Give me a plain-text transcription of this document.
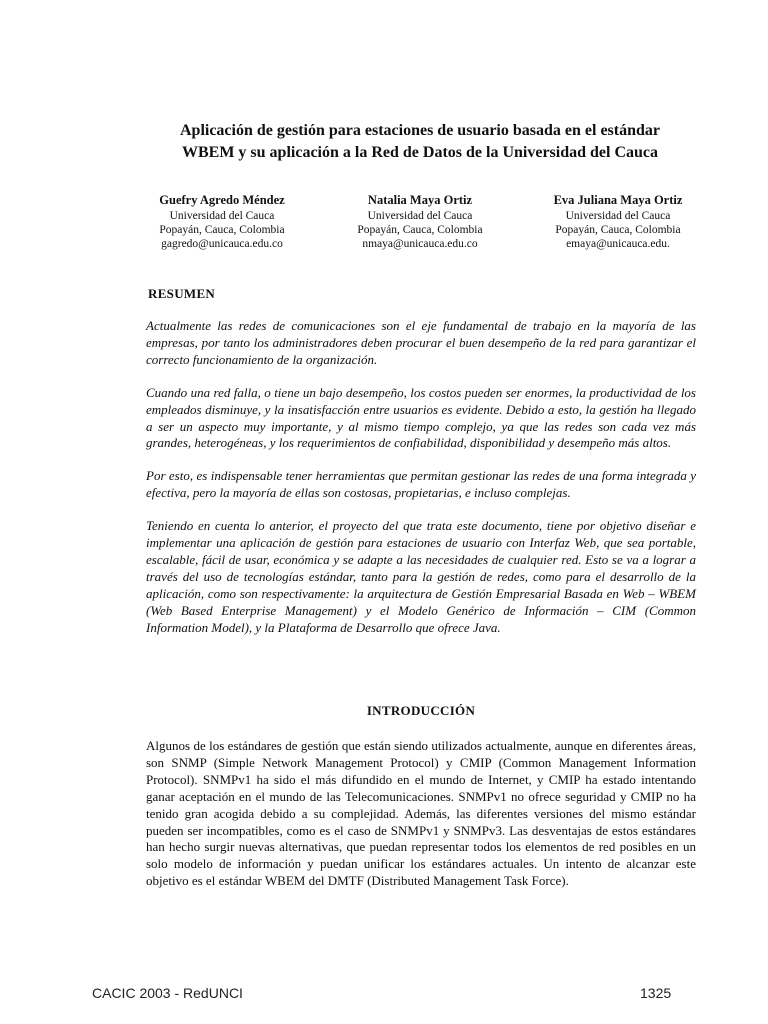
Aplicación de gestión para estaciones de usuario basada en el estándar
WBEM y su aplicación a la Red de Datos de la Universidad del Cauca
Guefry Agredo Méndez
Universidad del Cauca
Popayán, Cauca, Colombia
gagredo@unicauca.edu.co
Natalia Maya Ortiz
Universidad del Cauca
Popayán, Cauca, Colombia
nmaya@unicauca.edu.co
Eva Juliana Maya Ortiz
Universidad del Cauca
Popayán, Cauca, Colombia
emaya@unicauca.edu.
RESUMEN

Actualmente las redes de comunicaciones son el eje fundamental de trabajo en la mayoría de las empresas, por tanto los administradores deben procurar el buen desempeño de la red para garantizar el correcto funcionamiento de la organización.

Cuando una red falla, o tiene un bajo desempeño, los costos pueden ser enormes, la productividad de los empleados disminuye, y la insatisfacción entre usuarios es evidente. Debido a esto, la gestión ha llegado a ser un aspecto muy importante, y al mismo tiempo complejo, ya que las redes son cada vez más grandes, heterogéneas, y los requerimientos de confiabilidad, disponibilidad y desempeño más altos.

Por esto, es indispensable tener herramientas que permitan gestionar las redes de una forma integrada y efectiva, pero la mayoría de ellas son costosas, propietarias, e incluso complejas.

Teniendo en cuenta lo anterior, el proyecto del que trata este documento, tiene por objetivo diseñar e implementar una aplicación de gestión para estaciones de usuario con Interfaz Web, que sea portable, escalable, fácil de usar, económica y se adapte a las necesidades de cualquier red. Esto se va a lograr a través del uso de tecnologías estándar, tanto para la gestión de redes, como para el desarrollo de la aplicación, como son respectivamente: la arquitectura de Gestión Empresarial Basada en Web – WBEM (Web Based Enterprise Management) y el Modelo Genérico de Información – CIM (Common Information Model), y la Plataforma de Desarrollo que ofrece Java.

INTRODUCCIÓN

Algunos de los estándares de gestión que están siendo utilizados actualmente, aunque en diferentes áreas, son SNMP (Simple Network Management Protocol) y CMIP (Common Management Information Protocol). SNMPv1 ha sido el más difundido en el mundo de Internet, y CMIP ha estado intentando ganar aceptación en el mundo de las Telecomunicaciones. SNMPv1 no ofrece seguridad y CMIP no ha tenido gran acogida debido a su complejidad. Además, las diferentes versiones del mismo estándar pueden ser incompatibles, como es el caso de SNMPv1 y SNMPv3. Las desventajas de estos estándares han hecho surgir nuevas alternativas, que puedan representar todos los elementos de red posibles en un solo modelo de información y puedan unificar los estándares actuales. Un intento de alcanzar este objetivo es el estándar WBEM del DMTF (Distributed Management Task Force).

CACIC 2003 - RedUNCI	1325
